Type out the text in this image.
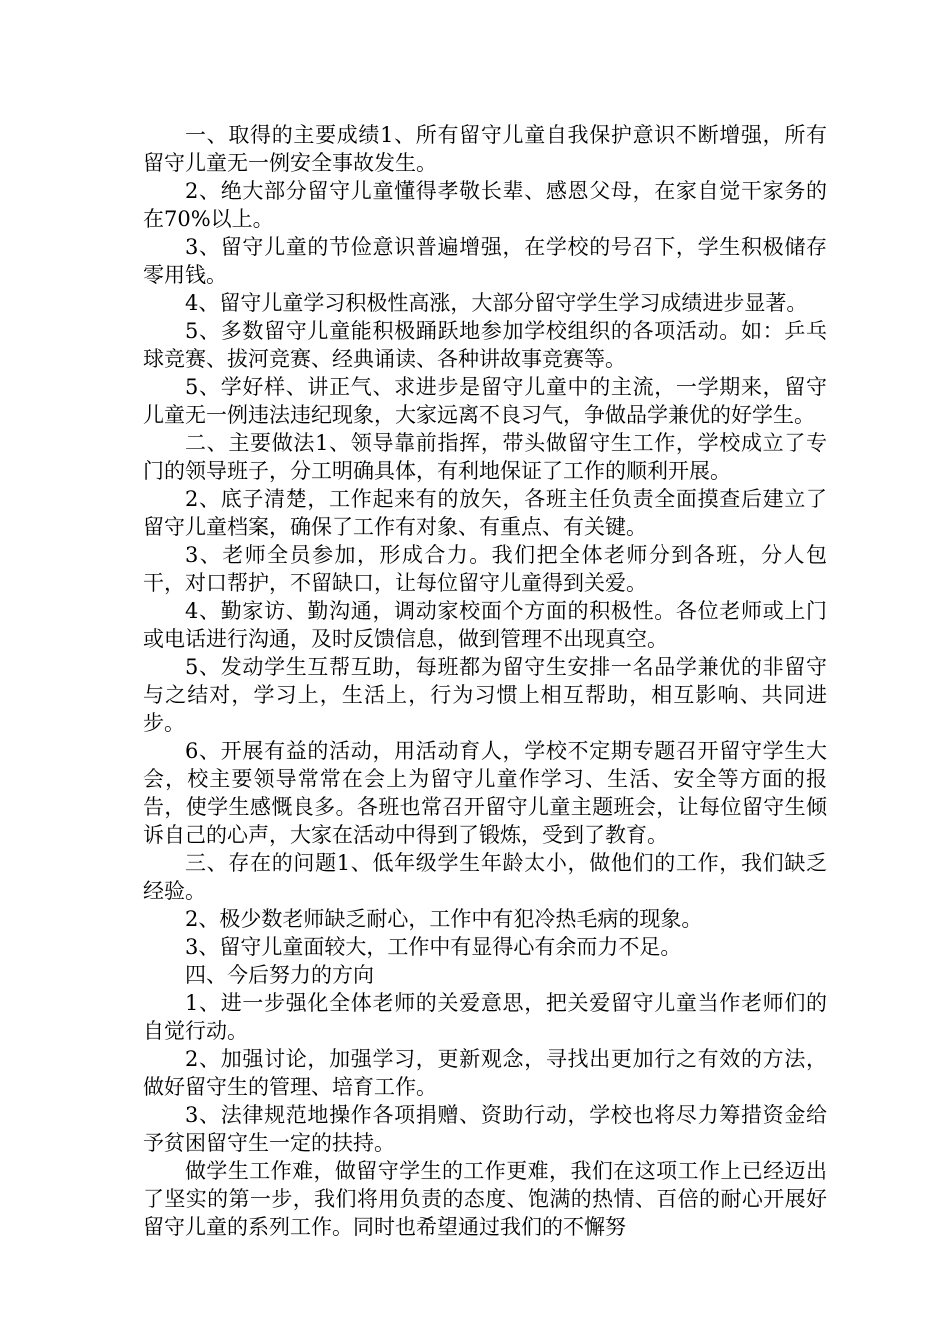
一、取得的主要成绩1、所有留守儿童自我保护意识不断增强，所有留守儿童无一例安全事故发生。

2、绝大部分留守儿童懂得孝敬长辈、感恩父母，在家自觉干家务的在70%以上。

3、留守儿童的节俭意识普遍增强，在学校的号召下，学生积极储存零用钱。

4、留守儿童学习积极性高涨，大部分留守学生学习成绩进步显著。

5、多数留守儿童能积极踊跃地参加学校组织的各项活动。如：乒乓球竞赛、拔河竞赛、经典诵读、各种讲故事竞赛等。

5、学好样、讲正气、求进步是留守儿童中的主流，一学期来，留守儿童无一例违法违纪现象，大家远离不良习气，争做品学兼优的好学生。

二、主要做法1、领导靠前指挥，带头做留守生工作，学校成立了专门的领导班子，分工明确具体，有利地保证了工作的顺利开展。

2、底子清楚，工作起来有的放矢，各班主任负责全面摸查后建立了留守儿童档案，确保了工作有对象、有重点、有关键。

3、老师全员参加，形成合力。我们把全体老师分到各班，分人包干，对口帮护，不留缺口，让每位留守儿童得到关爱。

4、勤家访、勤沟通，调动家校面个方面的积极性。各位老师或上门或电话进行沟通，及时反馈信息，做到管理不出现真空。

5、发动学生互帮互助，每班都为留守生安排一名品学兼优的非留守与之结对，学习上，生活上，行为习惯上相互帮助，相互影响、共同进步。

6、开展有益的活动，用活动育人，学校不定期专题召开留守学生大会，校主要领导常常在会上为留守儿童作学习、生活、安全等方面的报告，使学生感慨良多。各班也常召开留守儿童主题班会，让每位留守生倾诉自己的心声，大家在活动中得到了锻炼，受到了教育。

三、存在的问题1、低年级学生年龄太小，做他们的工作，我们缺乏经验。

2、极少数老师缺乏耐心，工作中有犯冷热毛病的现象。

3、留守儿童面较大，工作中有显得心有余而力不足。

四、今后努力的方向

1、进一步强化全体老师的关爱意思，把关爱留守儿童当作老师们的自觉行动。

2、加强讨论，加强学习，更新观念，寻找出更加行之有效的方法，做好留守生的管理、培育工作。

3、法律规范地操作各项捐赠、资助行动，学校也将尽力筹措资金给予贫困留守生一定的扶持。

做学生工作难，做留守学生的工作更难，我们在这项工作上已经迈出了坚实的第一步，我们将用负责的态度、饱满的热情、百倍的耐心开展好留守儿童的系列工作。同时也希望通过我们的不懈努
